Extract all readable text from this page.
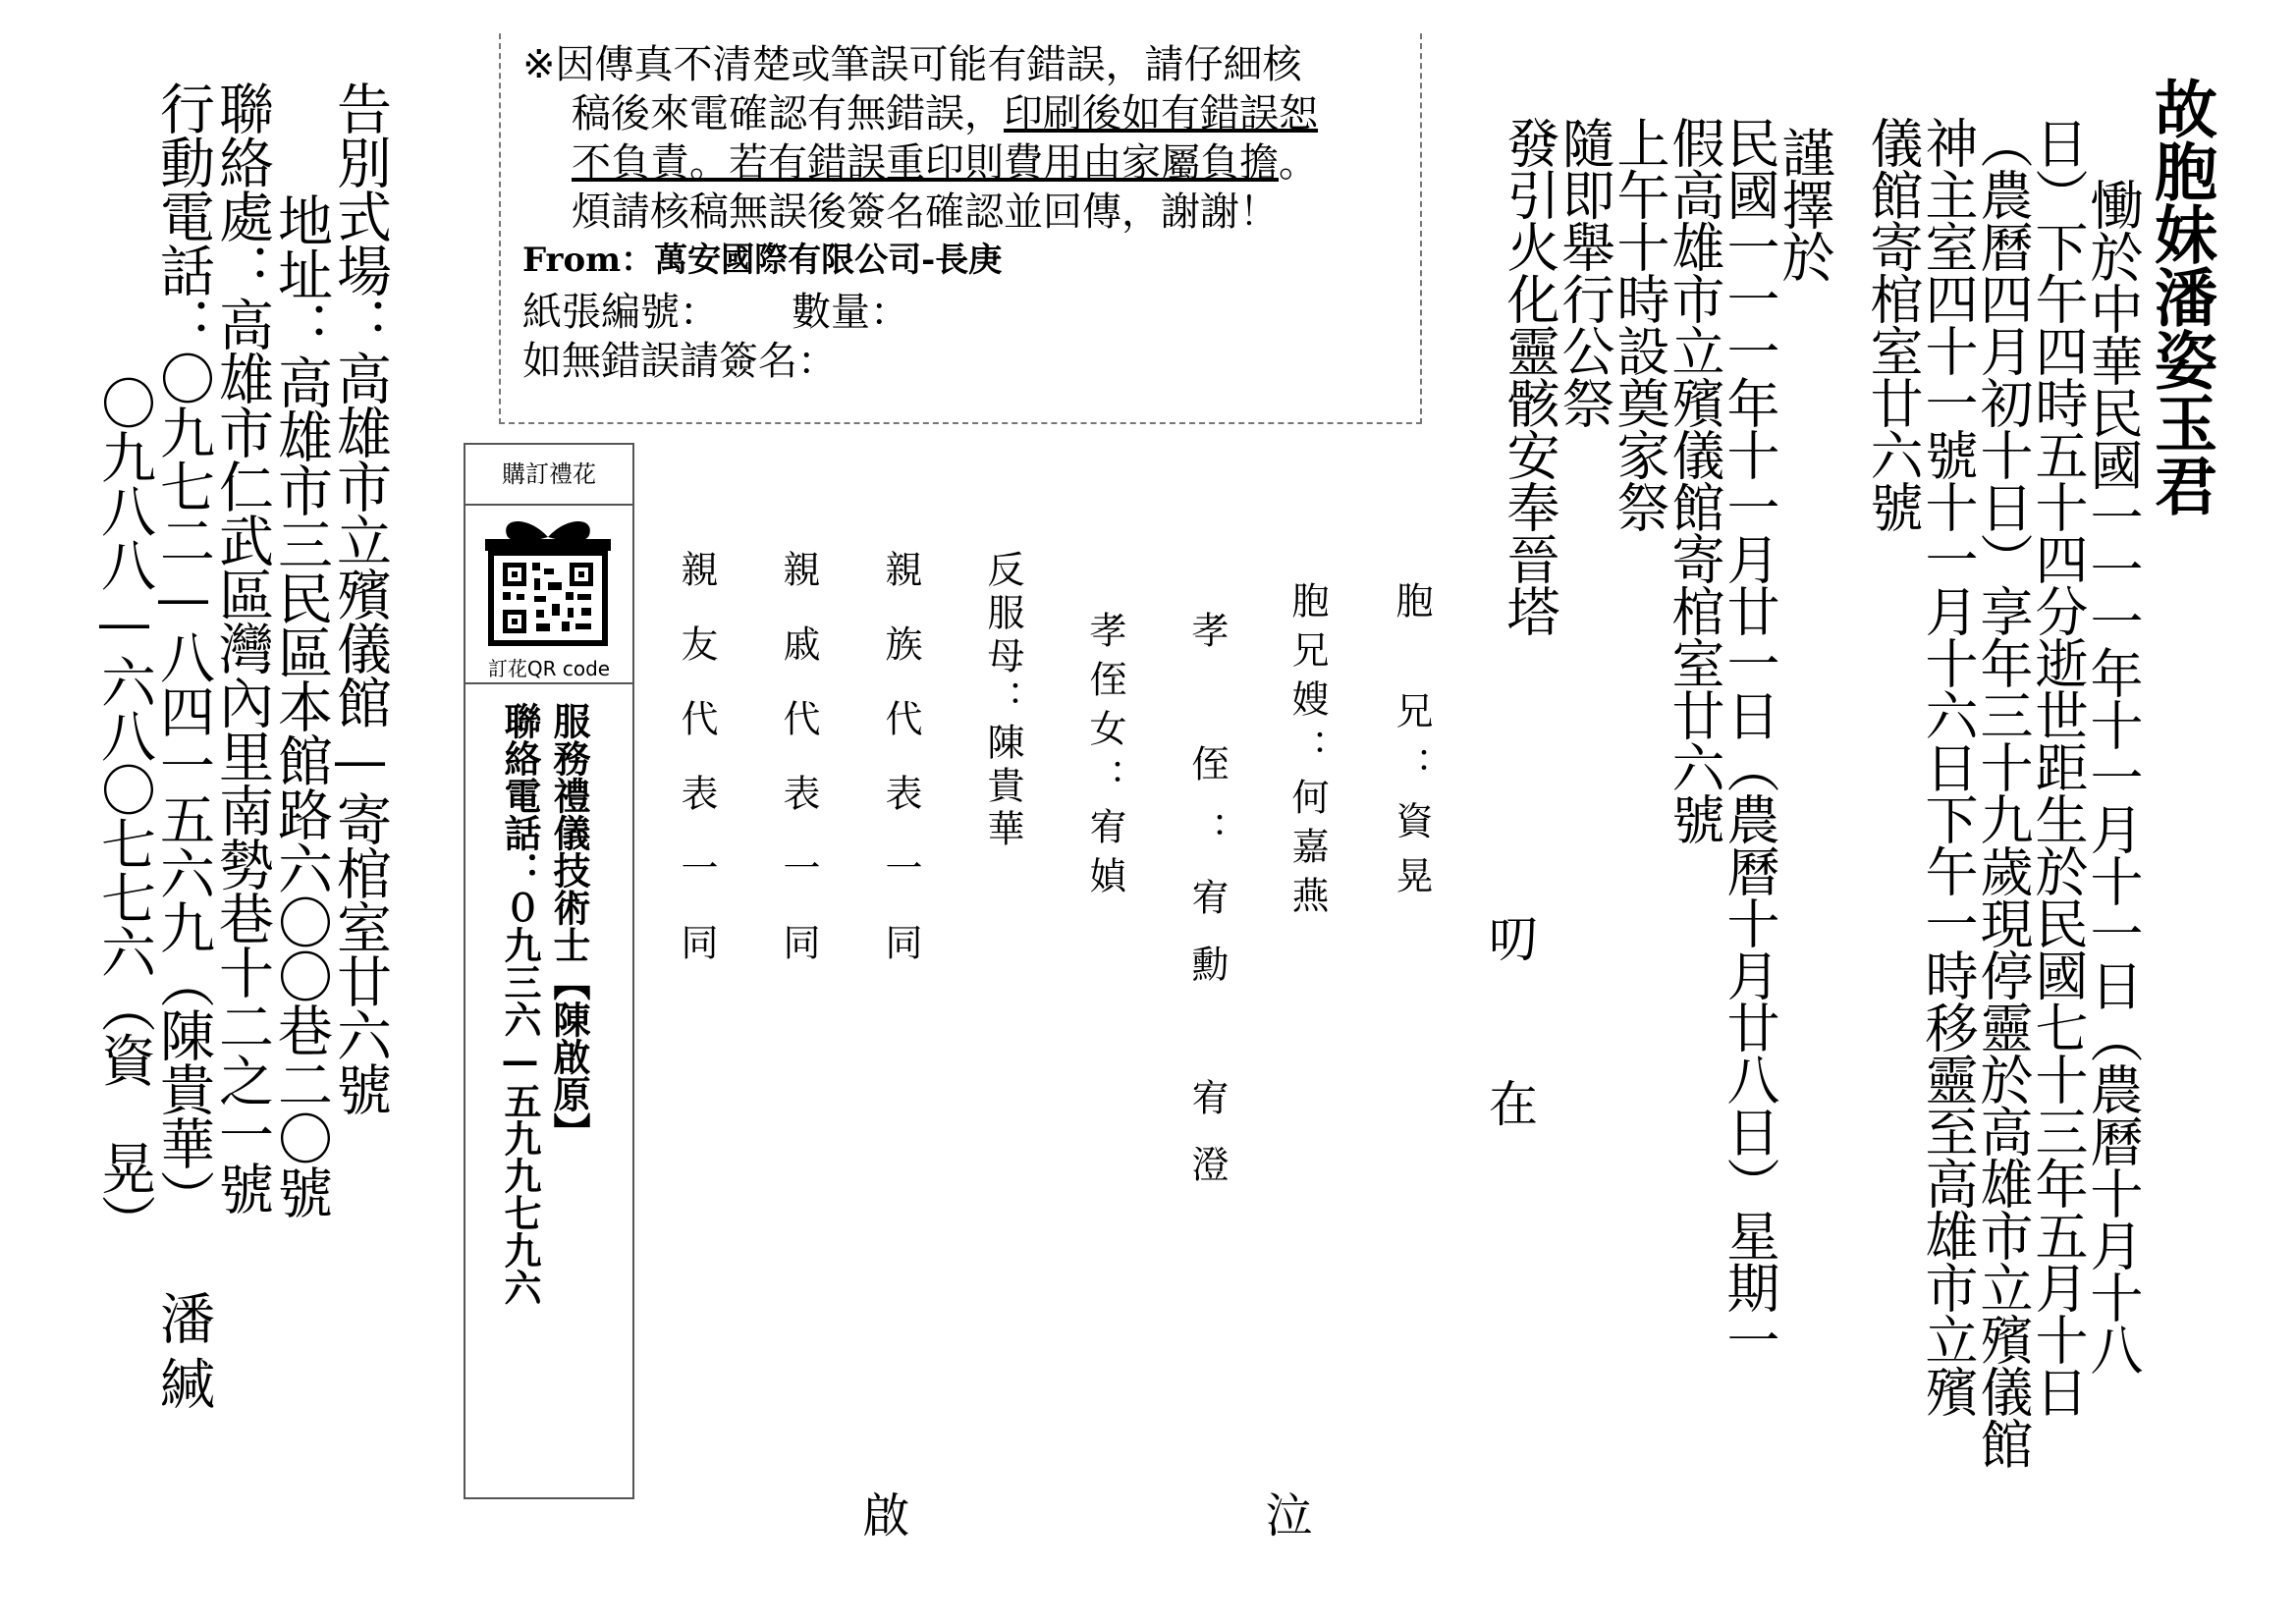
故胞妹潘姿玉君
　慟於中華民國一一一年十一月十一日︵農曆十月十八
日︶下午四時五十四分逝世距生於民國七十三年五月十日
︵農曆四月初十日︶享年三十九歲現停靈於高雄市立殯儀館
神主室四十一號十一月十六日下午一時移靈至高雄市立殯
儀館寄棺室廿六號
謹擇於
民國一一一年十一月廿一日︵農曆十月廿八日︶星期一
假高雄市立殯儀館寄棺室廿六號
上午十時設奠家祭
隨即舉行公祭
發引火化靈骸安奉晉塔
叨
在
胞　兄：資晃
胞兄嫂：何嘉燕
孝　侄：宥勳　宥澄
孝侄女：宥媜
反服母：陳貴華
親族代表一同
親戚代表一同
親友代表一同
泣
啟
※因傳真不清楚或筆誤可能有錯誤，請仔細核
稿後來電確認有無錯誤，印刷後如有錯誤恕
不負責。若有錯誤重印則費用由家屬負擔。
煩請核稿無誤後簽名確認並回傳，謝謝！
From：萬安國際有限公司-長庚
紙張編號： 數量：
如無錯誤請簽名：
購訂禮花
訂花QR code
服務禮儀技術士【陳啟原】
聯絡電話：０九三六—五九九七九六
告別式場：高雄市立殯儀館—寄棺室廿六號
地址：高雄市三民區本館路六〇〇巷二〇號
聯絡處：高雄市仁武區灣內里南勢巷十二之一號
潘緘
行動電話：〇九七二—八四一五六九︵陳貴華︶
〇九八八—六八〇七七六︵資　晃︶
